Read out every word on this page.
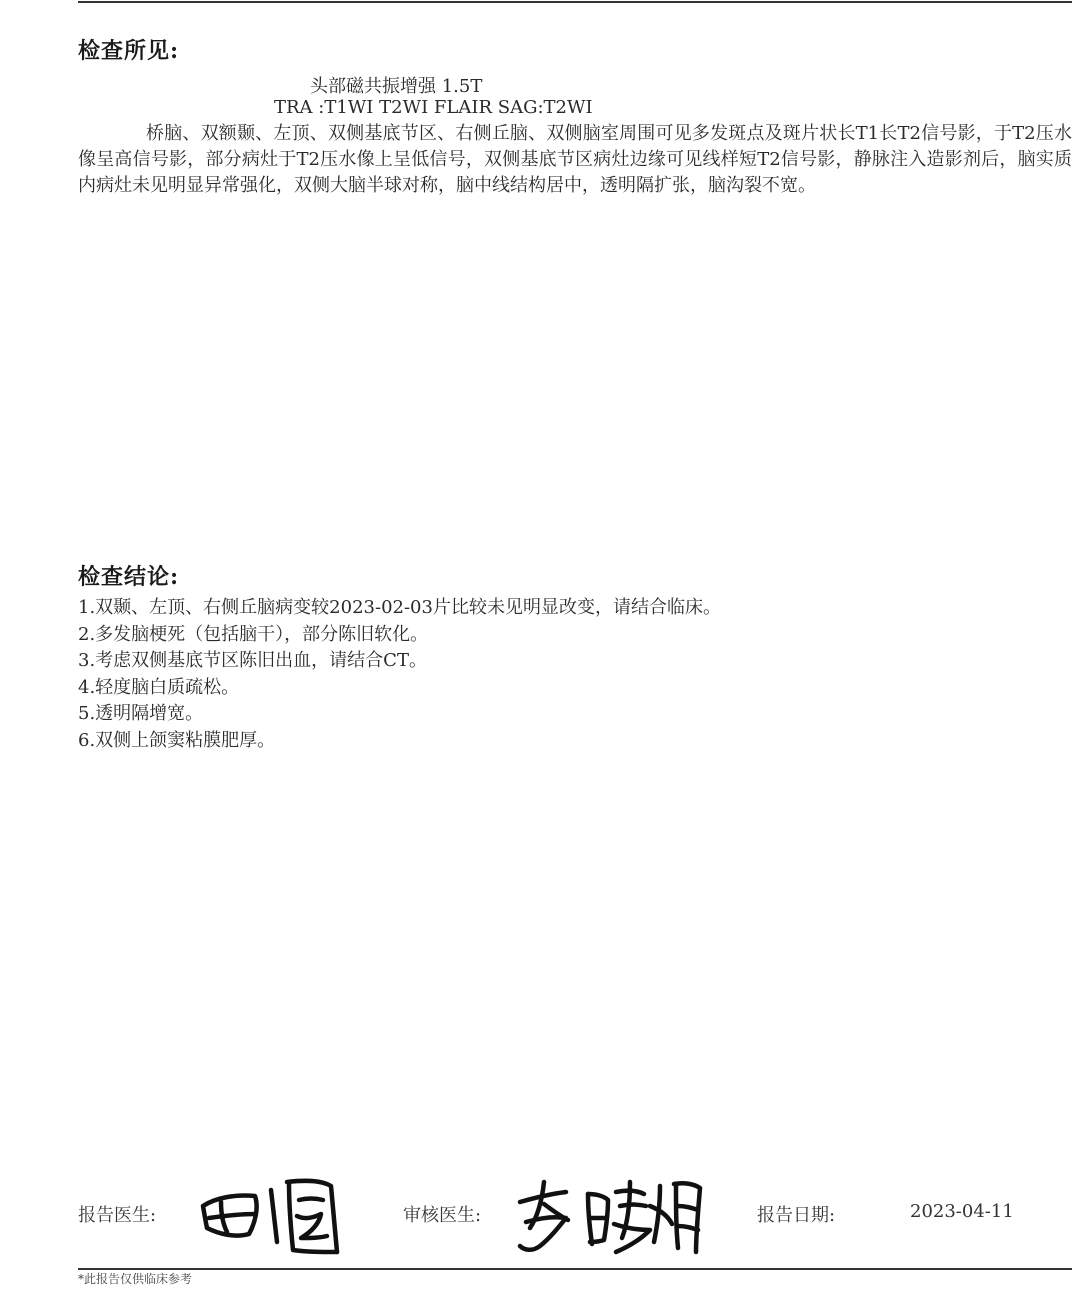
检查所见:
头部磁共振增强 1.5T
TRA :T1WI T2WI FLAIR SAG:T2WI

桥脑、双额颞、左顶、双侧基底节区、右侧丘脑、双侧脑室周围可见多发斑点及斑片状长T1长T2信号影，于T2压水像呈高信号影，部分病灶于T2压水像上呈低信号，双侧基底节区病灶边缘可见线样短T2信号影，静脉注入造影剂后，脑实质内病灶未见明显异常强化，双侧大脑半球对称，脑中线结构居中，透明隔扩张，脑沟裂不宽。

检查结论:
1.双颞、左顶、右侧丘脑病变较2023-02-03片比较未见明显改变，请结合临床。
2.多发脑梗死（包括脑干），部分陈旧软化。
3.考虑双侧基底节区陈旧出血，请结合CT。
4.轻度脑白质疏松。
5.透明隔增宽。
6.双侧上颌窦粘膜肥厚。
报告医生:	审核医生:	报告日期:	2023-04-11
*此报告仅供临床参考
